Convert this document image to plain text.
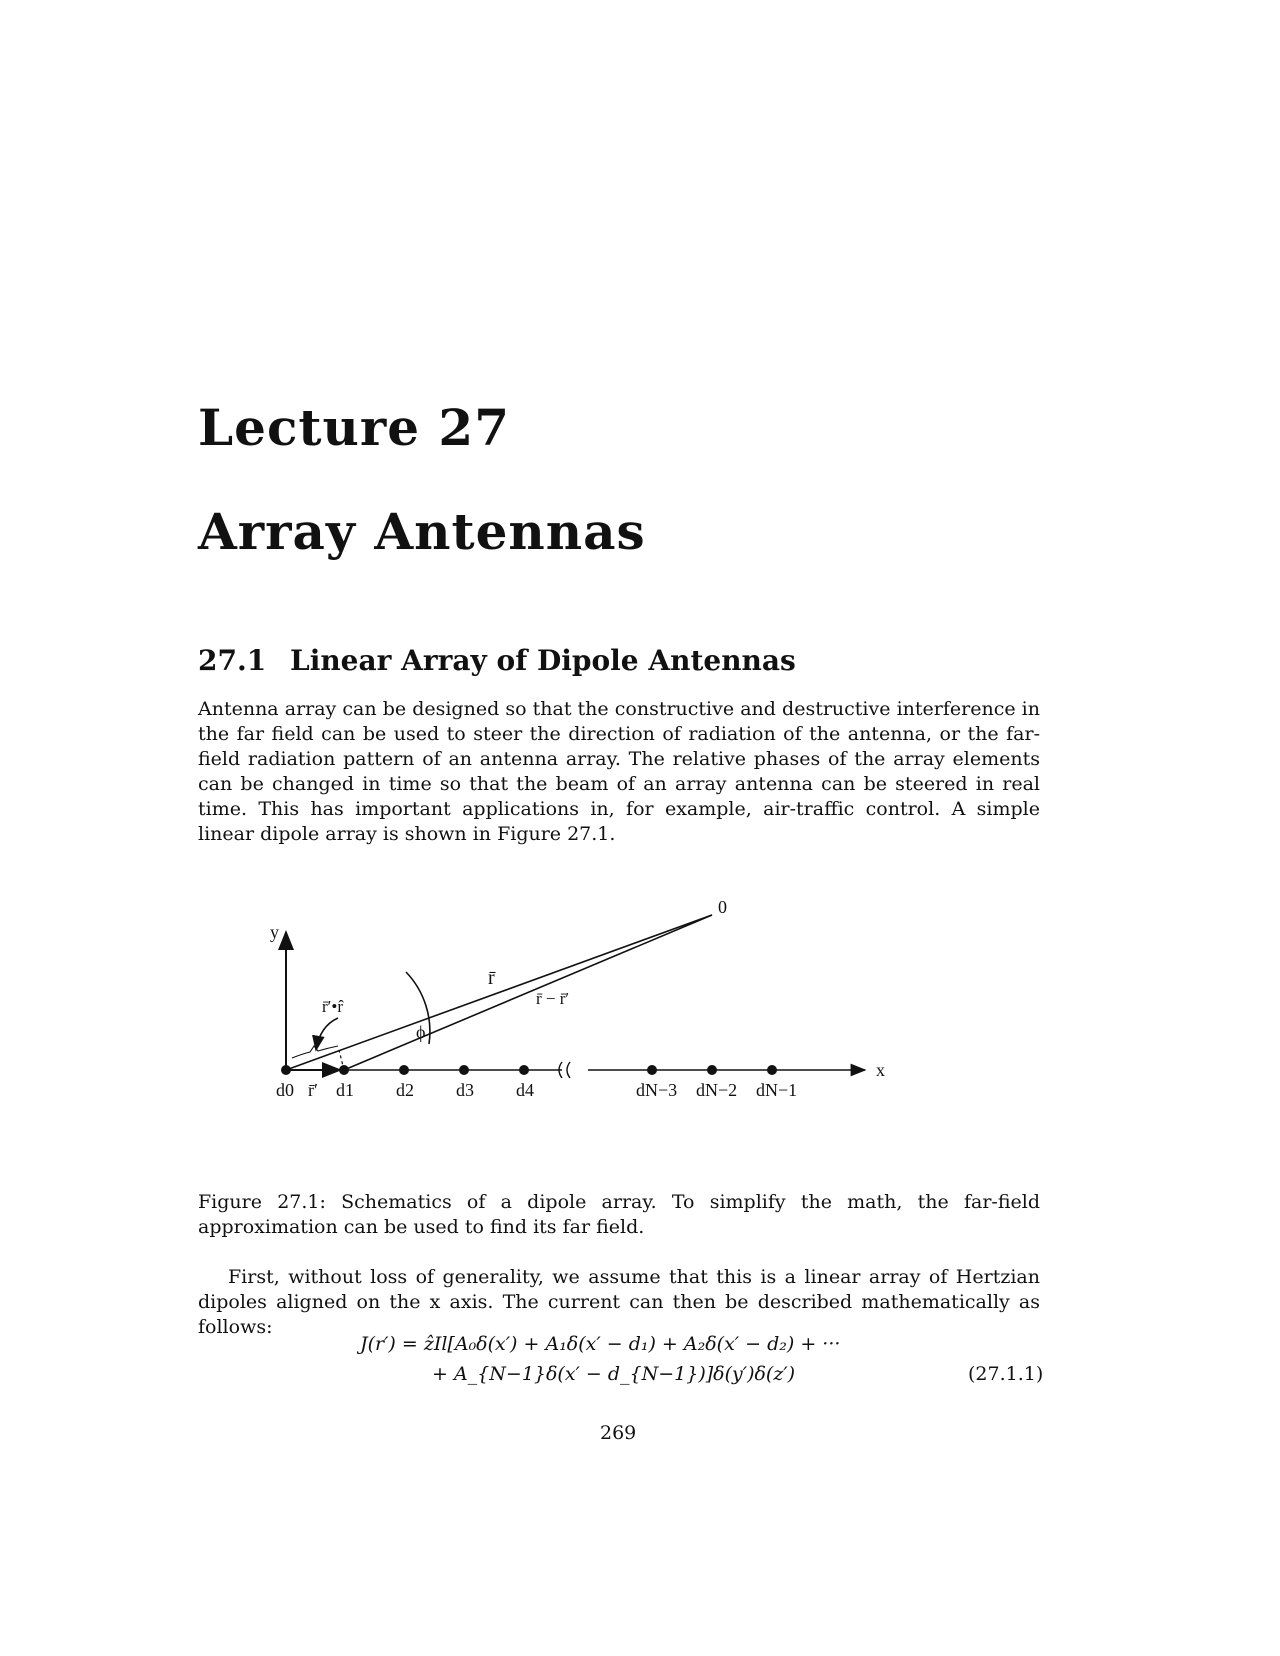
Lecture 27
Array Antennas
27.1 Linear Array of Dipole Antennas

Antenna array can be designed so that the constructive and destructive interference in the far field can be used to steer the direction of radiation of the antenna, or the far-field radiation pattern of an antenna array. The relative phases of the array elements can be changed in time so that the beam of an array antenna can be steered in real time. This has important applications in, for example, air-traffic control. A simple linear dipole array is shown in Figure 27.1.

y
x
0
r̄
r̄ − r̄′
r̄′•r̂
ϕ
d0 r̄′ d1 d2 d3 d4	dN−3 dN−2 dN−1

Figure 27.1: Schematics of a dipole array. To simplify the math, the far-field approximation can be used to find its far field.

First, without loss of generality, we assume that this is a linear array of Hertzian dipoles aligned on the x axis. The current can then be described mathematically as follows:

J(r′) = ẑIl[A₀δ(x′) + A₁δ(x′ − d₁) + A₂δ(x′ − d₂) + ···
+ A_{N−1}δ(x′ − d_{N−1})]δ(y′)δ(z′)	(27.1.1)
269
